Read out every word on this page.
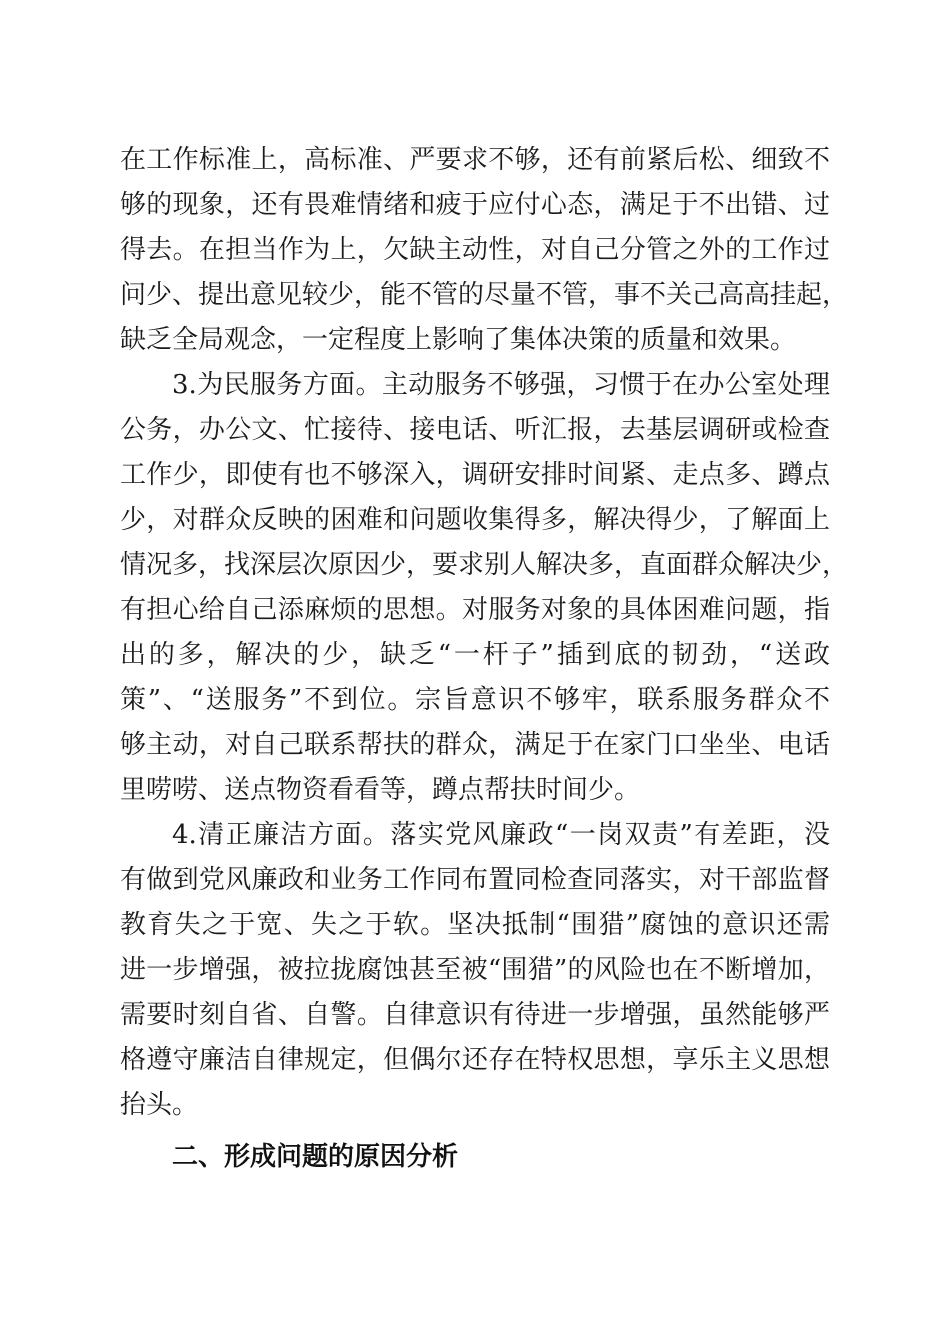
在工作标准上，高标准、严要求不够，还有前紧后松、细致不
够的现象，还有畏难情绪和疲于应付心态，满足于不出错、过
得去。在担当作为上，欠缺主动性，对自己分管之外的工作过
问少、提出意见较少，能不管的尽量不管，事不关己高高挂起，
缺乏全局观念，一定程度上影响了集体决策的质量和效果。
3.为民服务方面。主动服务不够强，习惯于在办公室处理
公务，办公文、忙接待、接电话、听汇报，去基层调研或检查
工作少，即使有也不够深入，调研安排时间紧、走点多、蹲点
少，对群众反映的困难和问题收集得多，解决得少，了解面上
情况多，找深层次原因少，要求别人解决多，直面群众解决少，
有担心给自己添麻烦的思想。对服务对象的具体困难问题，指
出的多，解决的少，缺乏“一杆子”插到底的韧劲，“送政
策”、“送服务”不到位。宗旨意识不够牢，联系服务群众不
够主动，对自己联系帮扶的群众，满足于在家门口坐坐、电话
里唠唠、送点物资看看等，蹲点帮扶时间少。
4.清正廉洁方面。落实党风廉政“一岗双责”有差距，没
有做到党风廉政和业务工作同布置同检查同落实，对干部监督
教育失之于宽、失之于软。坚决抵制“围猎”腐蚀的意识还需
进一步增强，被拉拢腐蚀甚至被“围猎”的风险也在不断增加，
需要时刻自省、自警。自律意识有待进一步增强，虽然能够严
格遵守廉洁自律规定，但偶尔还存在特权思想，享乐主义思想
抬头。
二、形成问题的原因分析
